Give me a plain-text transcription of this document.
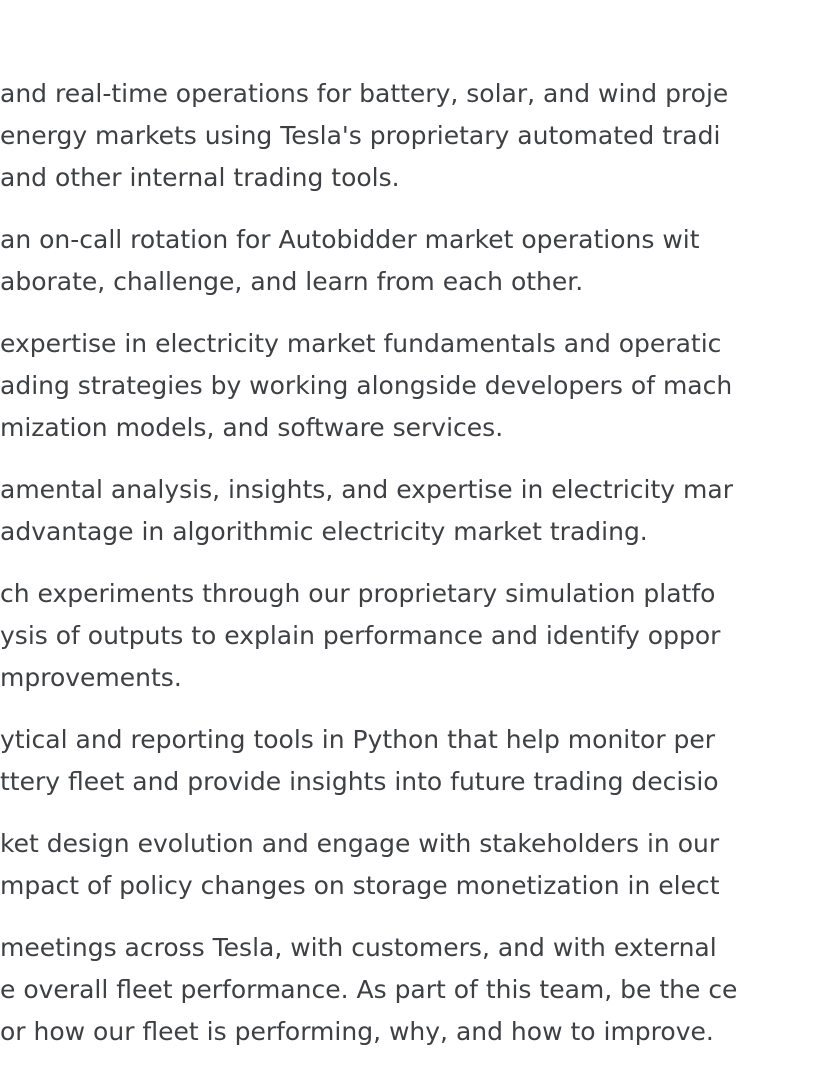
and real-time operations for battery, solar, and wind proje
energy markets using Tesla's proprietary automated tradi
and other internal trading tools.
an on-call rotation for Autobidder market operations wit
aborate, challenge, and learn from each other.
expertise in electricity market fundamentals and operatic
ading strategies by working alongside developers of mach
mization models, and software services.
amental analysis, insights, and expertise in electricity mar
advantage in algorithmic electricity market trading.
ch experiments through our proprietary simulation platfo
ysis of outputs to explain performance and identify oppor
mprovements.
ytical and reporting tools in Python that help monitor per
ttery fleet and provide insights into future trading decisio
ket design evolution and engage with stakeholders in our
mpact of policy changes on storage monetization in elect
meetings across Tesla, with customers, and with external
e overall fleet performance. As part of this team, be the ce
or how our fleet is performing, why, and how to improve.
